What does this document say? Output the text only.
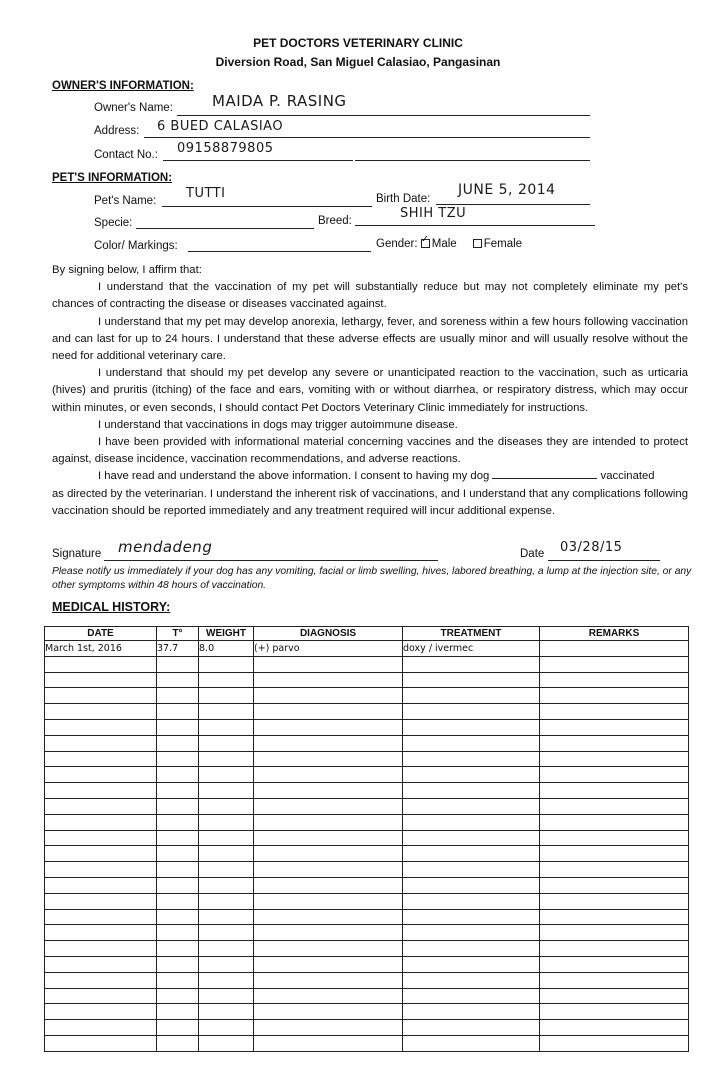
PET DOCTORS VETERINARY CLINIC
Diversion Road, San Miguel Calasiao, Pangasinan
OWNER'S INFORMATION:
Owner's Name:	MAIDA P. RASING
Address: 6 BUED CALASIAO
Contact No.: 09158879805
PET'S INFORMATION:
Pet's Name: TUTTI	Birth Date:
JUNE 5, 2014
Specie:	Breed:	SHIH TZU
Color/ Markings:	Gender: ✓ Male Female

By signing below, I affirm that:

I understand that the vaccination of my pet will substantially reduce but may not completely eliminate my pet's chances of contracting the disease or diseases vaccinated against.

I understand that my pet may develop anorexia, lethargy, fever, and soreness within a few hours following vaccination and can last for up to 24 hours. I understand that these adverse effects are usually minor and will usually resolve without the need for additional veterinary care.

I understand that should my pet develop any severe or unanticipated reaction to the vaccination, such as urticaria (hives) and pruritis (itching) of the face and ears, vomiting with or without diarrhea, or respiratory distress, which may occur within minutes, or even seconds, I should contact Pet Doctors Veterinary Clinic immediately for instructions.

I understand that vaccinations in dogs may trigger autoimmune disease.

I have been provided with informational material concerning vaccines and the diseases they are intended to protect against, disease incidence, vaccination recommendations, and adverse reactions.

I have read and understand the above information. I consent to having my dog	vaccinated

as directed by the veterinarian. I understand the inherent risk of vaccinations, and I understand that any complications following vaccination should be reported immediately and any treatment required will incur additional expense.

Signature mendadeng	Date 03/28/15
Please notify us immediately if your dog has any vomiting, facial or limb swelling, hives, labored breathing, a lump at the injection site, or any other symptoms within 48 hours of vaccination.
MEDICAL HISTORY:
DATE	T°	WEIGHT	DIAGNOSIS	TREATMENT	REMARKS
March 1st, 2016	37.7	8.0	(+) parvo	doxy / ivermec	
